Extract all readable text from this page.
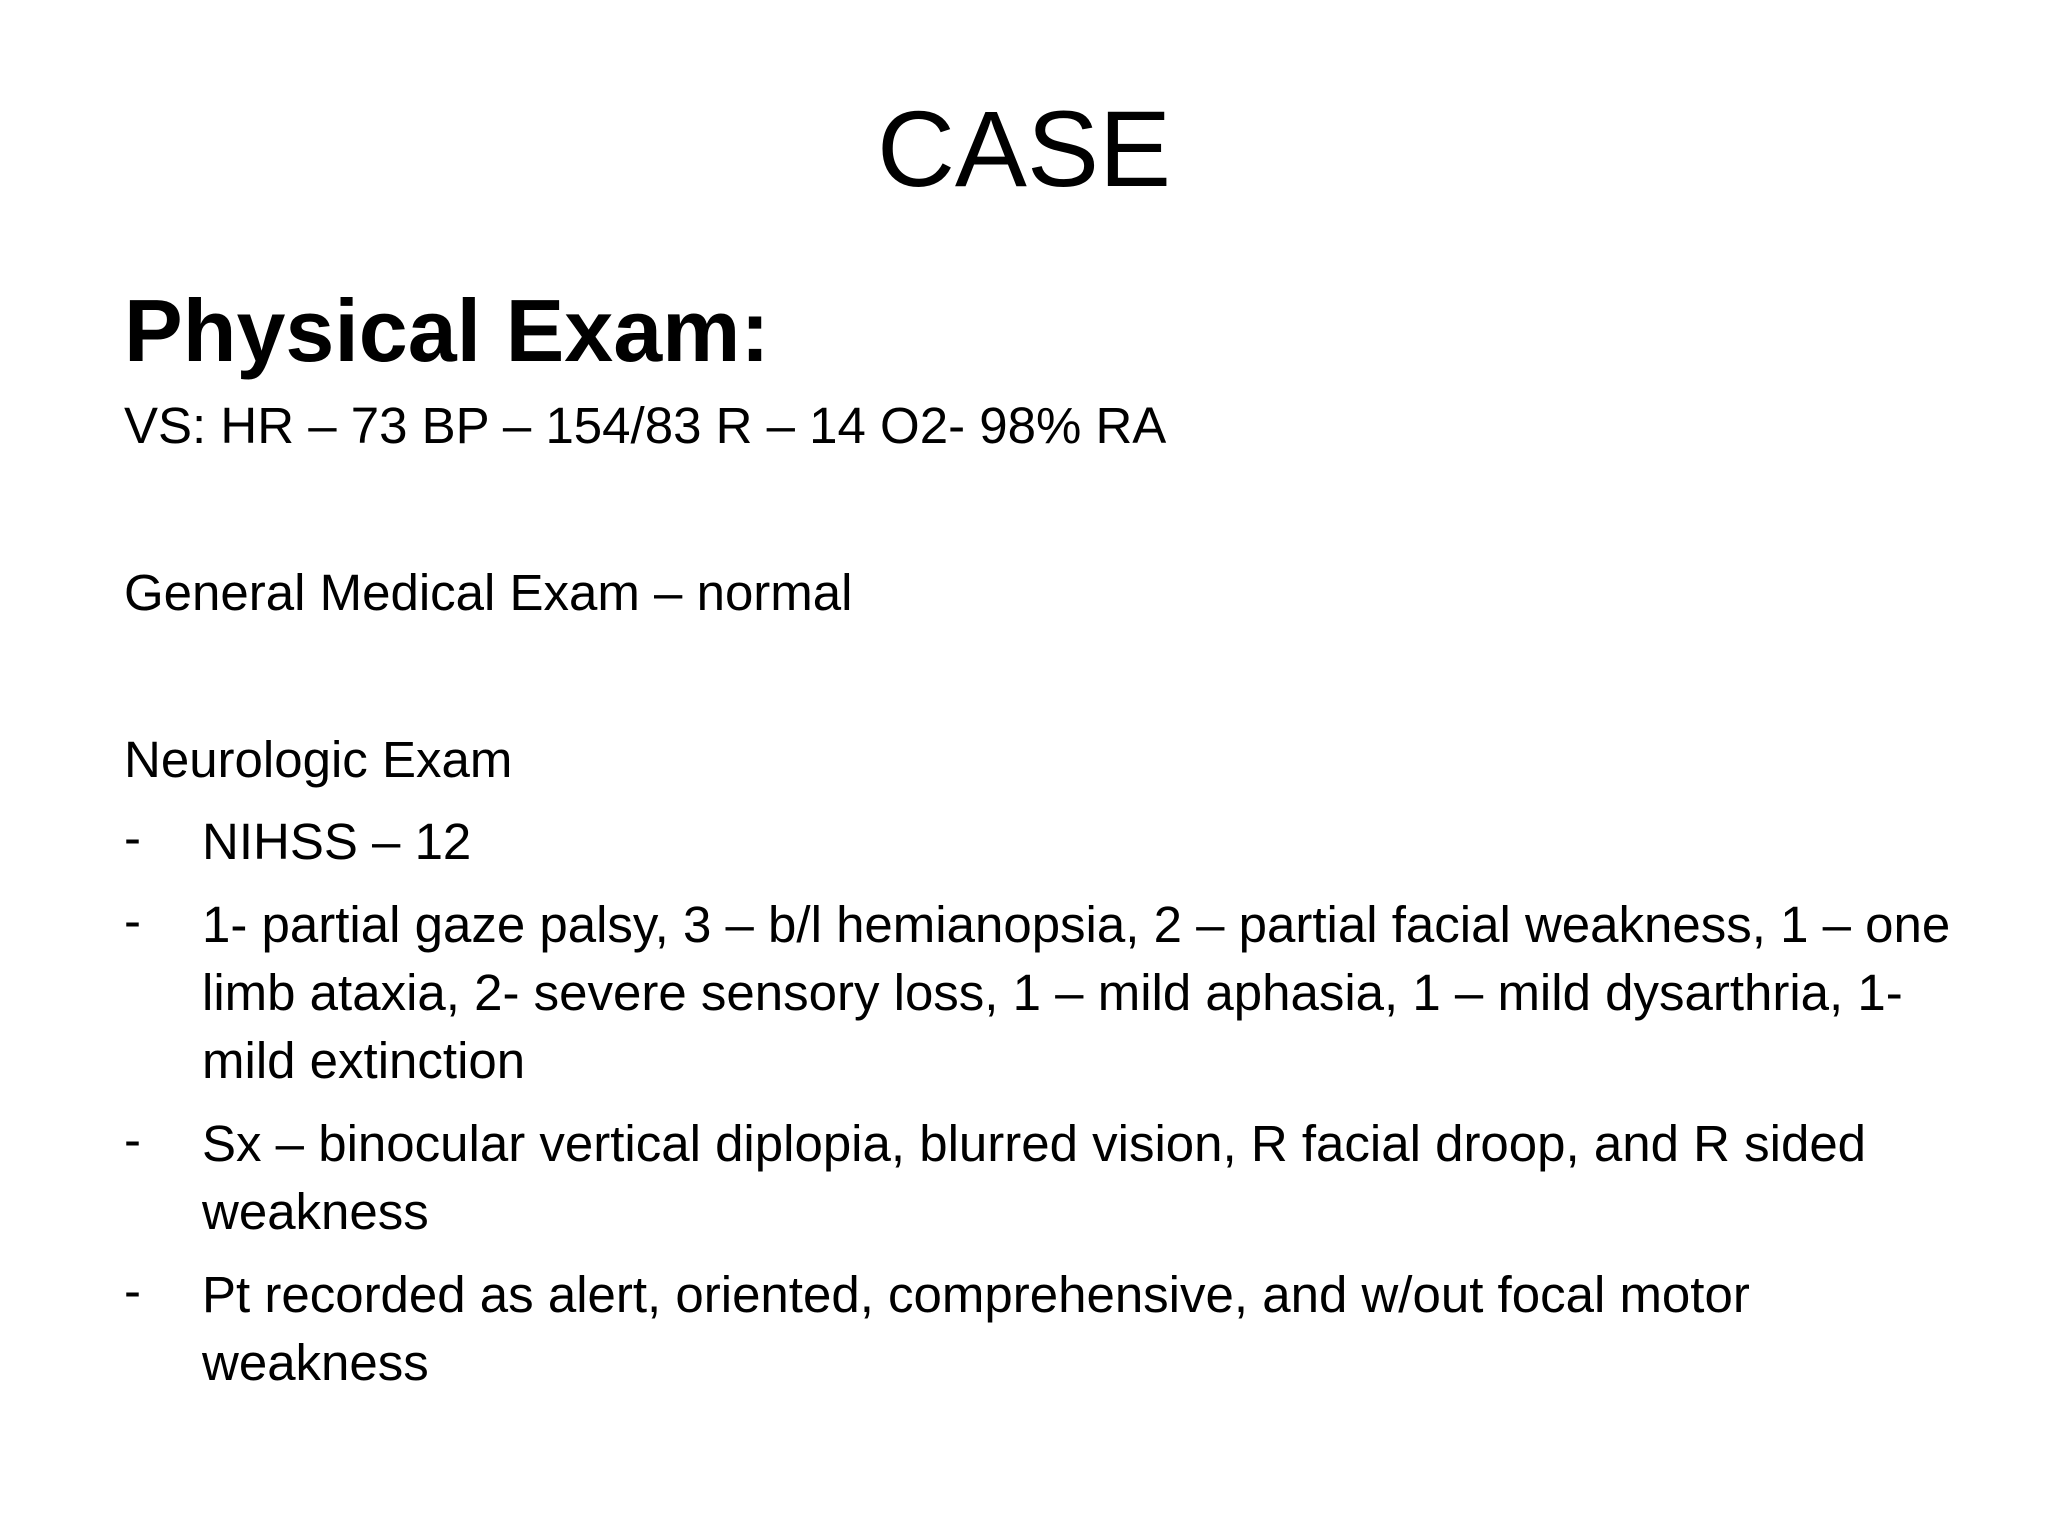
CASE

Physical Exam:

VS: HR – 73 BP – 154/83 R – 14 O2- 98% RA

General Medical Exam – normal

Neurologic Exam

- NIHSS – 12
- 1- partial gaze palsy, 3 – b/l hemianopsia, 2 – partial facial weakness, 1 – one limb ataxia, 2- severe sensory loss, 1 – mild aphasia, 1 – mild dysarthria, 1- mild extinction
- Sx – binocular vertical diplopia, blurred vision, R facial droop, and R sided weakness
- Pt recorded as alert, oriented, comprehensive, and w/out focal motor weakness
